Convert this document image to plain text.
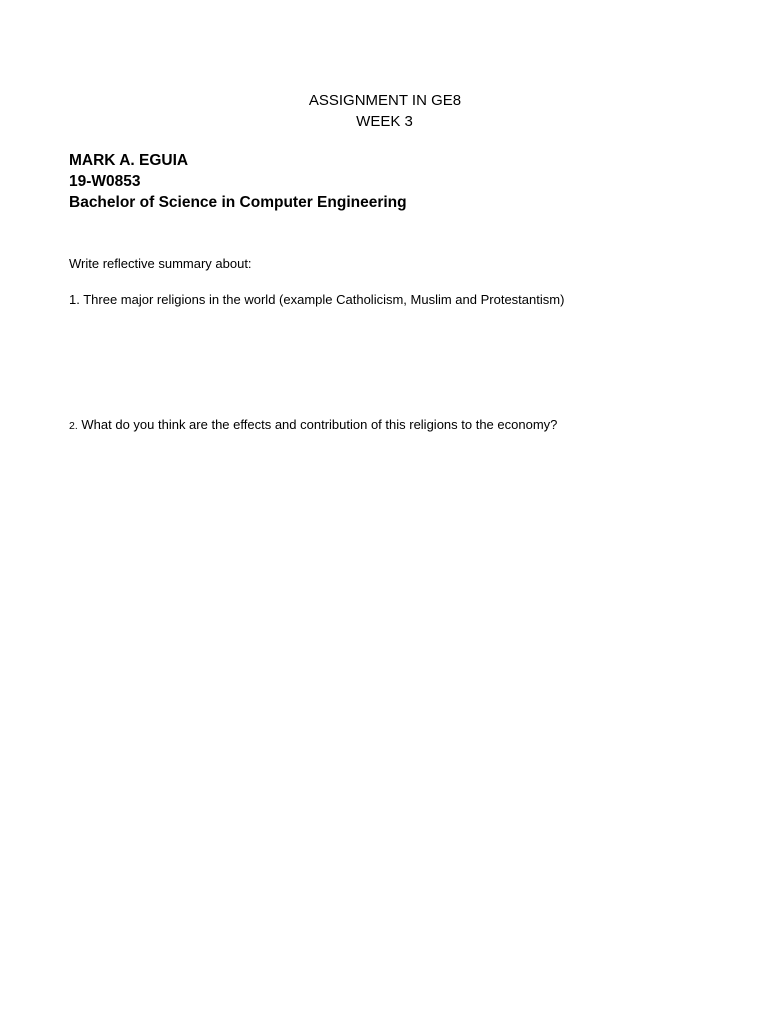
ASSIGNMENT IN GE8

WEEK 3

MARK A. EGUIA

19-W0853

Bachelor of Science in Computer Engineering

Write reflective summary about:

1. Three major religions in the world (example Catholicism, Muslim and Protestantism)

2. What do you think are the effects and contribution of this religions to the economy?
